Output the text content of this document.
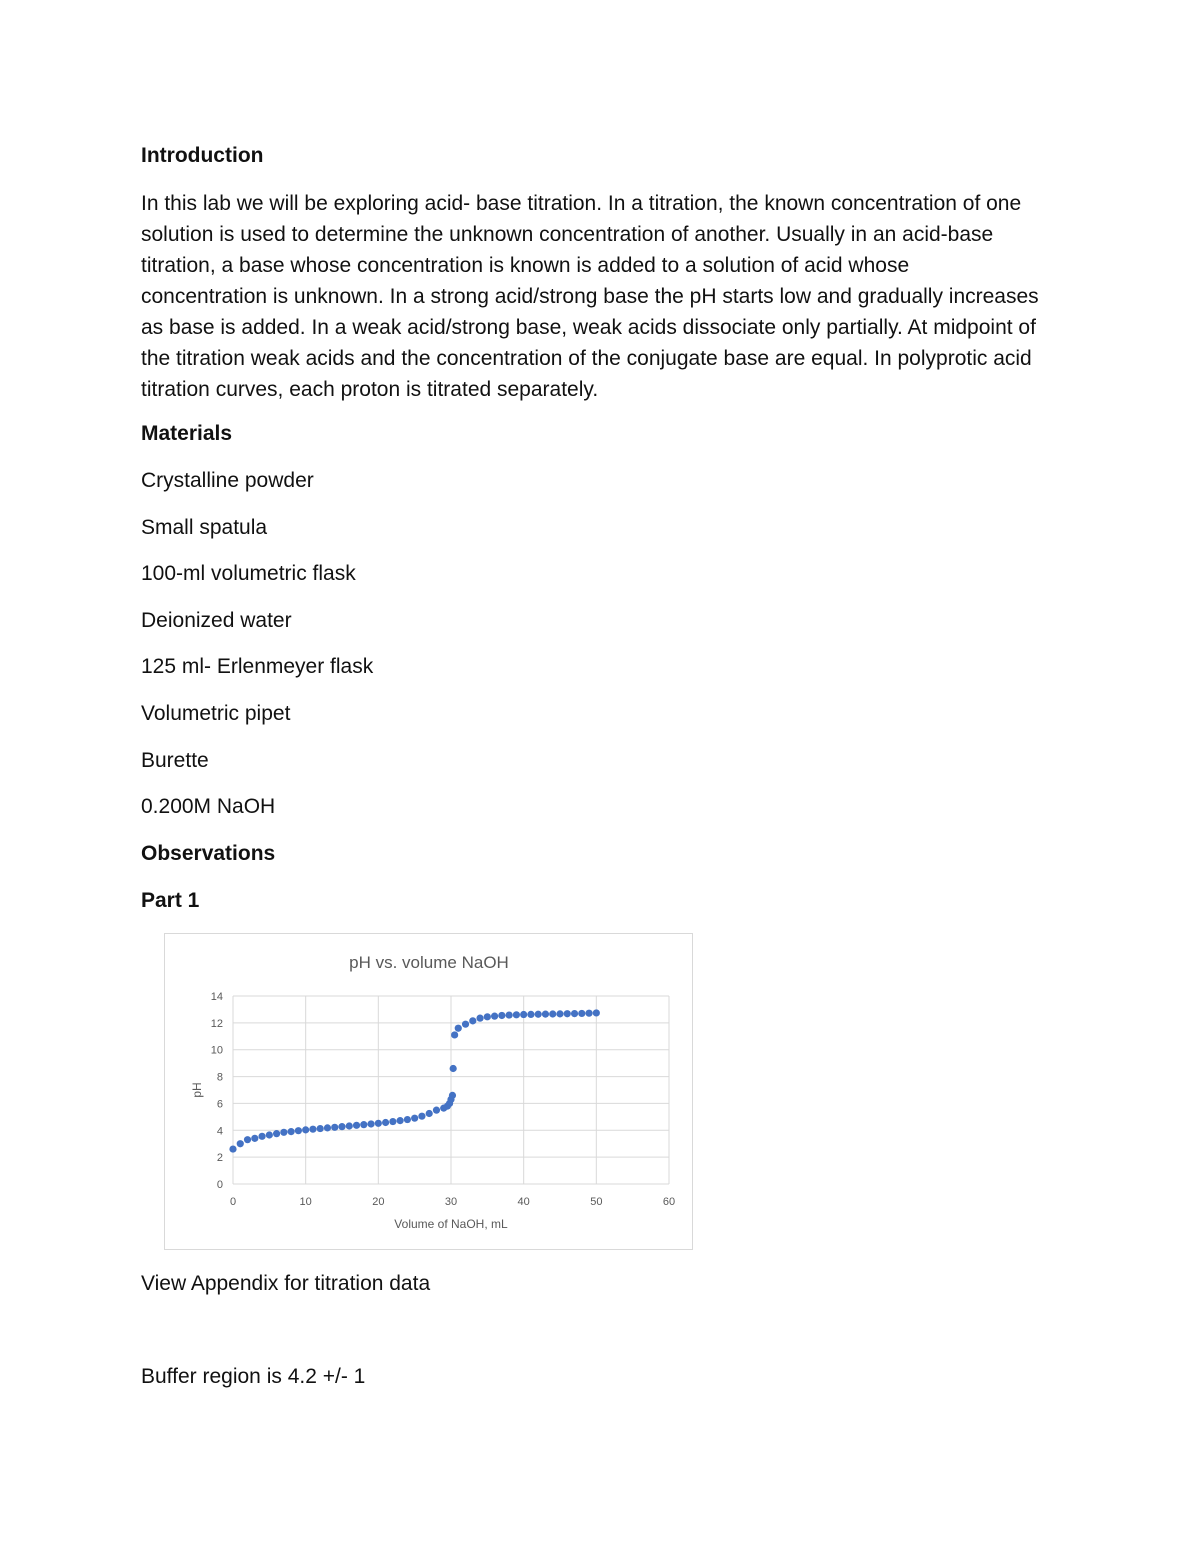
Introduction

In this lab we will be exploring acid- base titration. In a titration, the known concentration of one solution is used to determine the unknown concentration of another. Usually in an acid-base titration, a base whose concentration is known is added to a solution of acid whose concentration is unknown. In a strong acid/strong base the pH starts low and gradually increases as base is added. In a weak acid/strong base, weak acids dissociate only partially. At midpoint of the titration weak acids and the concentration of the conjugate base are equal. In polyprotic acid titration curves, each proton is titrated separately.

Materials

Crystalline powder

Small spatula

100-ml volumetric flask

Deionized water

125 ml- Erlenmeyer flask

Volumetric pipet

Burette

0.200M NaOH

Observations

Part 1

pH vs. volume NaOH
0
2
4
6
8
10
12
14
0	10	20	30	40	50	60
Volume of NaOH, mL
pH

View Appendix for titration data

Buffer region is 4.2 +/- 1
